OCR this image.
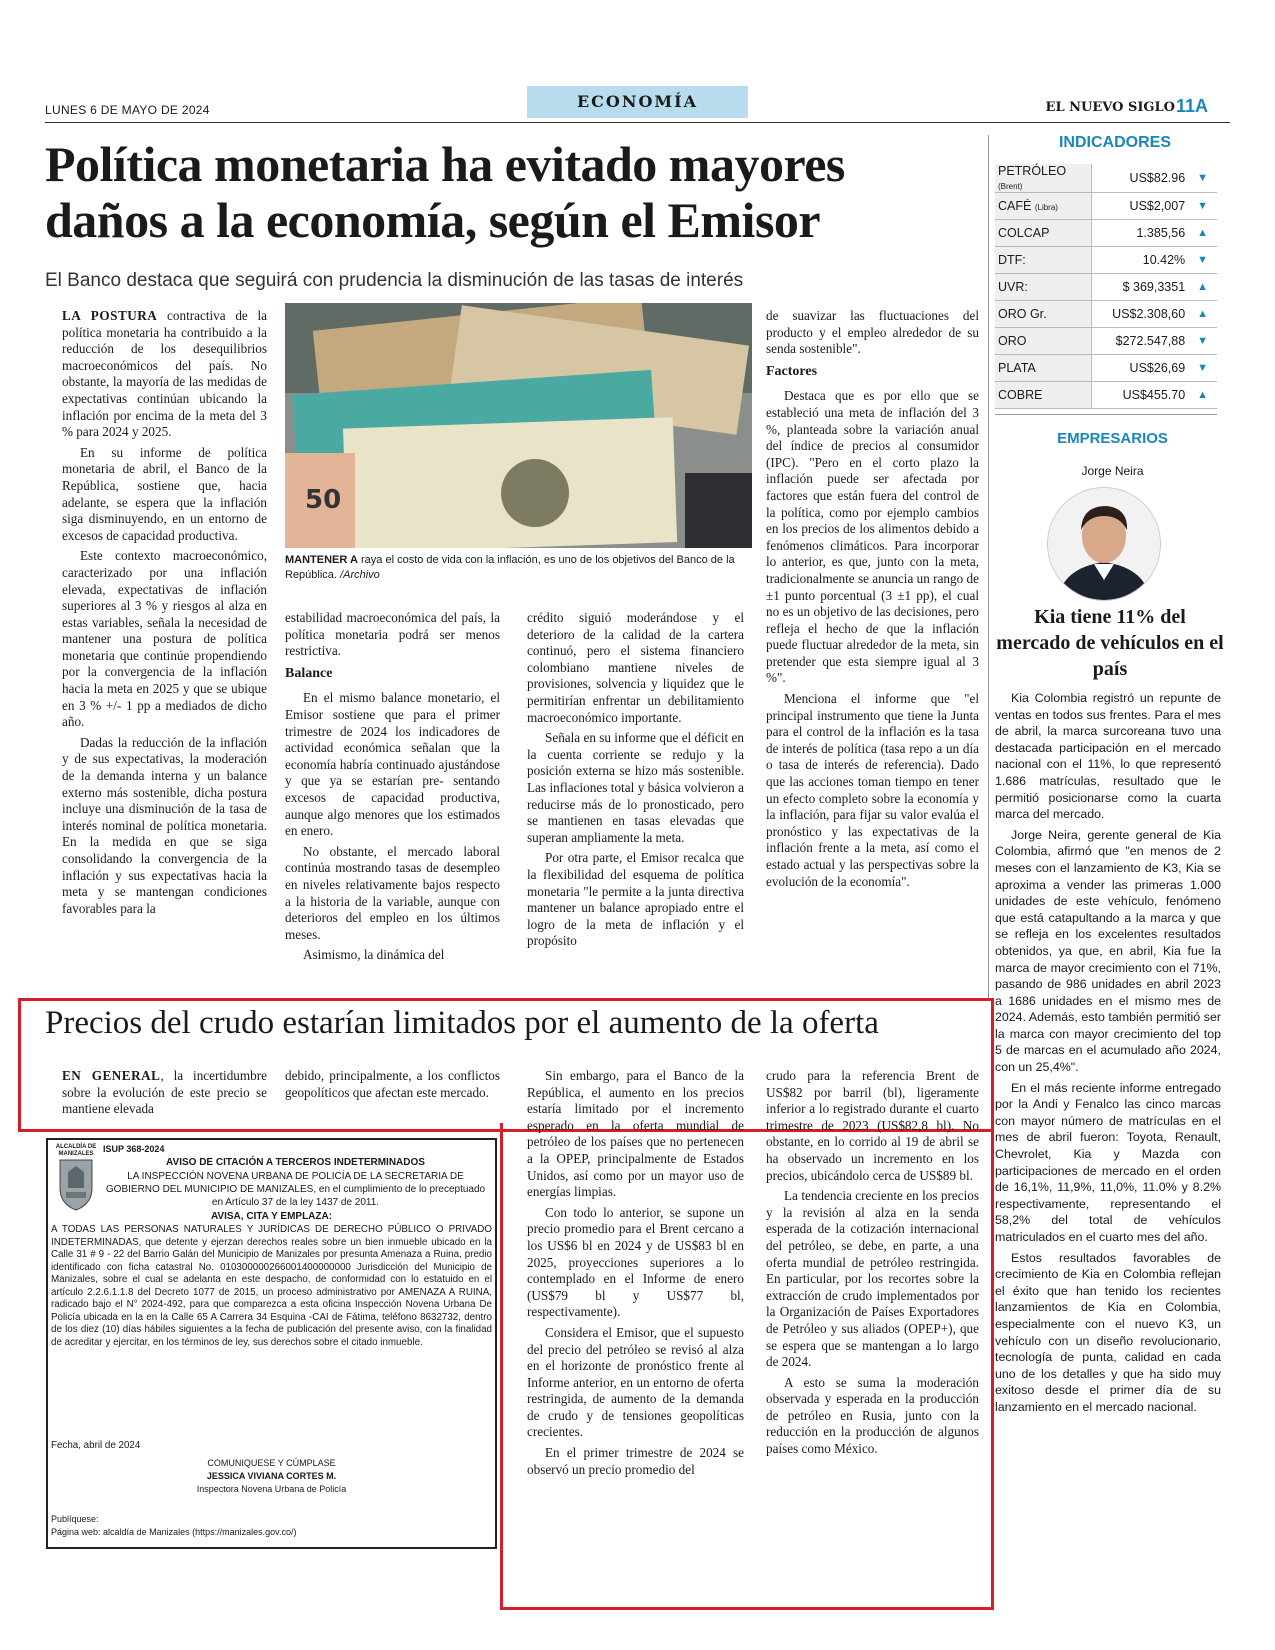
LUNES 6 DE MAYO DE 2024	ECONOMÍA	EL NUEVO SIGLO 11A
Política monetaria ha evitado mayores daños a la economía, según el Emisor
El Banco destaca que seguirá con prudencia la disminución de las tasas de interés

LA POSTURA contractiva de la política monetaria ha contribuido a la reducción de los desequilibrios macroeconómicos del país. No obstante, la mayoría de las medidas de expectativas continúan ubicando la inflación por encima de la meta del 3 % para 2024 y 2025.

En su informe de política monetaria de abril, el Banco de la República, sostiene que, hacia adelante, se espera que la inflación siga disminuyendo, en un entorno de excesos de capacidad productiva.

Este contexto macroeconómico, caracterizado por una inflación elevada, expectativas de inflación superiores al 3 % y riesgos al alza en estas variables, señala la necesidad de mantener una postura de política monetaria que continúe propendiendo por la convergencia de la inflación hacia la meta en 2025 y que se ubique en 3 % +/- 1 pp a mediados de dicho año.

Dadas la reducción de la inflación y de sus expectativas, la moderación de la demanda interna y un balance externo más sostenible, dicha postura incluye una disminución de la tasa de interés nominal de política monetaria. En la medida en que se siga consolidando la convergencia de la inflación y sus expectativas hacia la meta y se mantengan condiciones favorables para la

50
MANTENER A raya el costo de vida con la inflación, es uno de los objetivos del Banco de la República. /Archivo

estabilidad macroeconómica del país, la política monetaria podrá ser menos restrictiva.

Balance

En el mismo balance monetario, el Emisor sostiene que para el primer trimestre de 2024 los indicadores de actividad económica señalan que la economía habría continuado ajustándose y que ya se estarían pre- sentando excesos de capacidad productiva, aunque algo menores que los estimados en enero.

No obstante, el mercado laboral continúa mostrando tasas de desempleo en niveles relativamente bajos respecto a la historia de la variable, aunque con deterioros del empleo en los últimos meses.

Asimismo, la dinámica del

crédito siguió moderándose y el deterioro de la calidad de la cartera continuó, pero el sistema financiero colombiano mantiene niveles de provisiones, solvencia y liquidez que le permitirían enfrentar un debilitamiento macroeconómico importante.

Señala en su informe que el déficit en la cuenta corriente se redujo y la posición externa se hizo más sostenible. Las inflaciones total y básica volvieron a reducirse más de lo pronosticado, pero se mantienen en tasas elevadas que superan ampliamente la meta.

Por otra parte, el Emisor recalca que la flexibilidad del esquema de política monetaria "le permite a la junta directiva mantener un balance apropiado entre el logro de la meta de inflación y el propósito

de suavizar las fluctuaciones del producto y el empleo alrededor de su senda sostenible".

Factores

Destaca que es por ello que se estableció una meta de inflación del 3 %, planteada sobre la variación anual del índice de precios al consumidor (IPC). "Pero en el corto plazo la inflación puede ser afectada por factores que están fuera del control de la política, como por ejemplo cambios en los precios de los alimentos debido a fenómenos climáticos. Para incorporar lo anterior, es que, junto con la meta, tradicionalmente se anuncia un rango de ±1 punto porcentual (3 ±1 pp), el cual no es un objetivo de las decisiones, pero refleja el hecho de que la inflación puede fluctuar alrededor de la meta, sin pretender que esta siempre igual al 3 %".

Menciona el informe que "el principal instrumento que tiene la Junta para el control de la inflación es la tasa de interés de política (tasa repo a un día o tasa de interés de referencia). Dado que las acciones toman tiempo en tener un efecto completo sobre la economía y la inflación, para fijar su valor evalúa el pronóstico y las expectativas de la inflación frente a la meta, así como el estado actual y las perspectivas sobre la evolución de la economía".

Precios del crudo estarían limitados por el aumento de la oferta

EN GENERAL, la incertidumbre sobre la evolución de este precio se mantiene elevada

debido, principalmente, a los conflictos geopolíticos que afectan este mercado.

Sin embargo, para el Banco de la República, el aumento en los precios estaría limitado por el incremento esperado en la oferta mundial de petróleo de los países que no pertenecen a la OPEP, principalmente de Estados Unidos, así como por un mayor uso de energías limpias.

Con todo lo anterior, se supone un precio promedio para el Brent cercano a los US$6 bl en 2024 y de US$83 bl en 2025, proyecciones superiores a lo contemplado en el Informe de enero (US$79 bl y US$77 bl, respectivamente).

Considera el Emisor, que el supuesto del precio del petróleo se revisó al alza en el horizonte de pronóstico frente al Informe anterior, en un entorno de oferta restringida, de aumento de la demanda de crudo y de tensiones geopolíticas crecientes.

En el primer trimestre de 2024 se observó un precio promedio del

crudo para la referencia Brent de US$82 por barril (bl), ligeramente inferior a lo registrado durante el cuarto trimestre de 2023 (US$82,8 bl). No obstante, en lo corrido al 19 de abril se ha observado un incremento en los precios, ubicándolo cerca de US$89 bl.

La tendencia creciente en los precios y la revisión al alza en la senda esperada de la cotización internacional del petróleo, se debe, en parte, a una oferta mundial de petróleo restringida. En particular, por los recortes sobre la extracción de crudo implementados por la Organización de Países Exportadores de Petróleo y sus aliados (OPEP+), que se espera que se mantengan a lo largo de 2024.

A esto se suma la moderación observada y esperada en la producción de petróleo en Rusia, junto con la reducción en la producción de algunos países como México.

ALCALDÍA DE MANIZALES	ISUP 368-2024
AVISO DE CITACIÓN A TERCEROS INDETERMINADOS
LA INSPECCIÓN NOVENA URBANA DE POLICÍA DE LA SECRETARIA DE GOBIERNO DEL MUNICIPIO DE MANIZALES, en el cumplimiento de lo preceptuado en Artículo 37 de la ley 1437 de 2011.
AVISA, CITA Y EMPLAZA:
A TODAS LAS PERSONAS NATURALES Y JURÍDICAS DE DERECHO PÚBLICO O PRIVADO INDETERMINADAS, que detente y ejerzan derechos reales sobre un bien inmueble ubicado en la Calle 31 # 9 - 22 del Barrio Galán del Municipio de Manizales por presunta Amenaza a Ruina, predio identificado con ficha catastral No. 010300000266001400000000 Jurisdicción del Municipio de Manizales, sobre el cual se adelanta en este despacho, de conformidad con lo estatuido en el artículo 2.2.6.1.1.8 del Decreto 1077 de 2015, un proceso administrativo por AMENAZA A RUINA, radicado bajo el N° 2024-492, para que comparezca a esta oficina Inspección Novena Urbana De Policía ubicada en la en la Calle 65 A Carrera 34 Esquina -CAI de Fátima, teléfono 8632732, dentro de los diez (10) días hábiles siguientes a la fecha de publicación del presente aviso, con la finalidad de acreditar y ejercitar, en los términos de ley, sus derechos sobre el citado inmueble.
Fecha, abril de 2024
COMUNIQUESE Y CÚMPLASE
JESSICA VIVIANA CORTES M.
Inspectora Novena Urbana de Policía
Publíquese:
Página web: alcaldía de Manizales (https://manizales.gov.co/)
INDICADORES
PETRÓLEO (Brent)	US$82.96	▼
CAFÉ (Libra)	US$2,007	▼
COLCAP	1.385,56	▲
DTF:	10.42%	▼
UVR:	$ 369,3351	▲
ORO Gr.	US$2.308,60	▲
ORO	$272.547,88	▼
PLATA	US$26,69	▼
COBRE	US$455.70	▲
EMPRESARIOS
Jorge Neira
Kia tiene 11% del mercado de vehículos en el país

Kia Colombia registró un repunte de ventas en todos sus frentes. Para el mes de abril, la marca surcoreana tuvo una destacada participación en el mercado nacional con el 11%, lo que representó 1.686 matrículas, resultado que le permitió posicionarse como la cuarta marca del mercado.

Jorge Neira, gerente general de Kia Colombia, afirmó que "en menos de 2 meses con el lanzamiento de K3, Kia se aproxima a vender las primeras 1.000 unidades de este vehículo, fenómeno que está catapultando a la marca y que se refleja en los excelentes resultados obtenidos, ya que, en abril, Kia fue la marca de mayor crecimiento con el 71%, pasando de 986 unidades en abril 2023 a 1686 unidades en el mismo mes de 2024. Además, esto también permitió ser la marca con mayor crecimiento del top 5 de marcas en el acumulado año 2024, con un 25,4%".

En el más reciente informe entregado por la Andi y Fenalco las cinco marcas con mayor número de matrículas en el mes de abril fueron: Toyota, Renault, Chevrolet, Kia y Mazda con participaciones de mercado en el orden de 16,1%, 11,9%, 11,0%, 11.0% y 8.2% respectivamente, representando el 58,2% del total de vehículos matriculados en el cuarto mes del año.

Estos resultados favorables de crecimiento de Kia en Colombia reflejan el éxito que han tenido los recientes lanzamientos de Kia en Colombia, especialmente con el nuevo K3, un vehículo con un diseño revolucionario, tecnología de punta, calidad en cada uno de los detalles y que ha sido muy exitoso desde el primer día de su lanzamiento en el mercado nacional.
